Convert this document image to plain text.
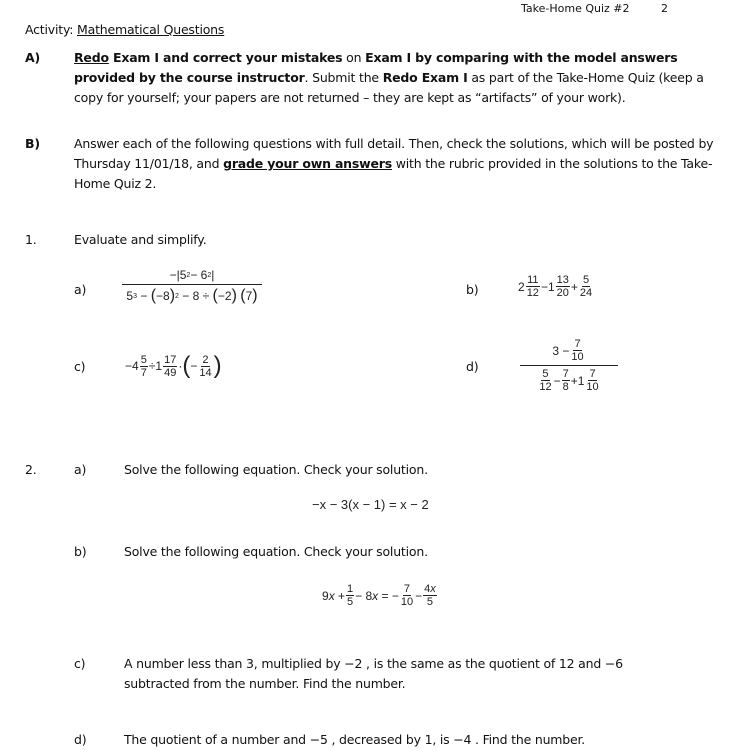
Take-Home Quiz #2	2
Activity: Mathematical Questions
A)	Redo Exam I and correct your mistakes on Exam I by comparing with the model answers provided by the course instructor. Submit the Redo Exam I as part of the Take-Home Quiz (keep a copy for yourself; your papers are not returned – they are kept as “artifacts” of your work).
B)	Answer each of the following questions with full detail. Then, check the solutions, which will be posted by Thursday 11/01/18, and grade your own answers with the rubric provided in the solutions to the Take-Home Quiz 2.
1.	Evaluate and simplify.
a)	−|5 2 − 6 2 |
5 3 − ( −8 ) 2 − 8 ÷ ( −2 )
( 7 )	b)	$2 \frac{11}{12} -1 \frac{13}{20} + \frac{5}{24}$
c)	$-4 \frac{5}{7} \div 1 \frac{17}{49}$ · ( − $\frac{2}{14}$ )	d)	$\frac{3 - \frac{7}{10}}{\frac{5}{12} - \frac{7}{8} +1 \frac{7}{10}}$
2.	a)	Solve the following equation. Check your solution.
−x − 3(x − 1) = x − 2
b)	Solve the following equation. Check your solution.
9 $x + \frac{1}{5} - 8$ x = − $\frac{7}{10} - \frac{4x}{5}$
c)	A number less than 3, multiplied by −2 , is the same as the quotient of 12 and −6 subtracted from the number. Find the number.
d)	The quotient of a number and −5 , decreased by 1, is −4 . Find the number.
